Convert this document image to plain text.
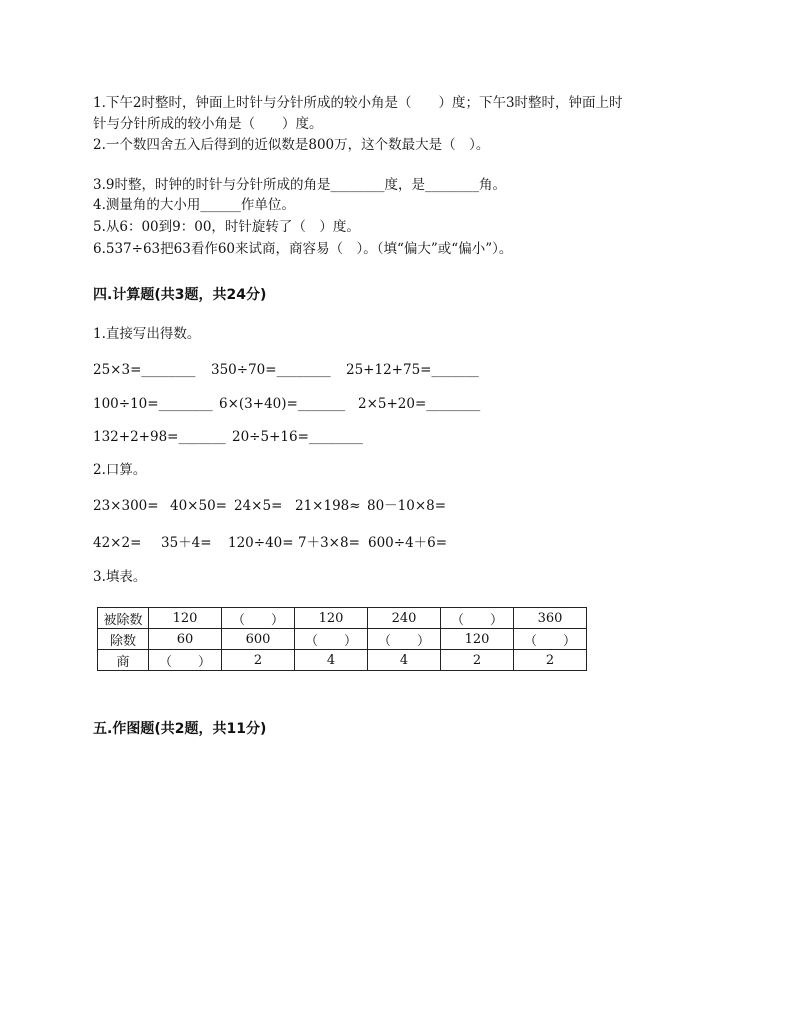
1.下午2时整时，钟面上时针与分针所成的较小角是（　　）度；下午3时整时，钟面上时
针与分针所成的较小角是（　　）度。
2.一个数四舍五入后得到的近似数是800万，这个数最大是（　）。
3.9时整，时钟的时针与分针所成的角是________度，是________角。
4.测量角的大小用______作单位。
5.从6：00到9：00，时针旋转了（　）度。
6.537÷63把63看作60来试商，商容易（　）。（填“偏大”或“偏小”）。
四.计算题(共3题，共24分)
1.直接写出得数。
25×3=________ 350÷70=________ 25+12+75=_______
100÷10=________ 6×(3+40)=_______ 2×5+20=________
132+2+98=_______ 20÷5+16=________
2.口算。
23×300= 40×50= 24×5= 21×198≈ 80－10×8=
42×2= 35＋4= 120÷40= 7＋3×8= 600÷4＋6=
3.填表。
被除数	120	（　　）	120	240	（　　）	360
除数	60	600	（　　）	（　　）	120	（　　）
商	（　　）	2	4	4	2	2
五.作图题(共2题，共11分)
